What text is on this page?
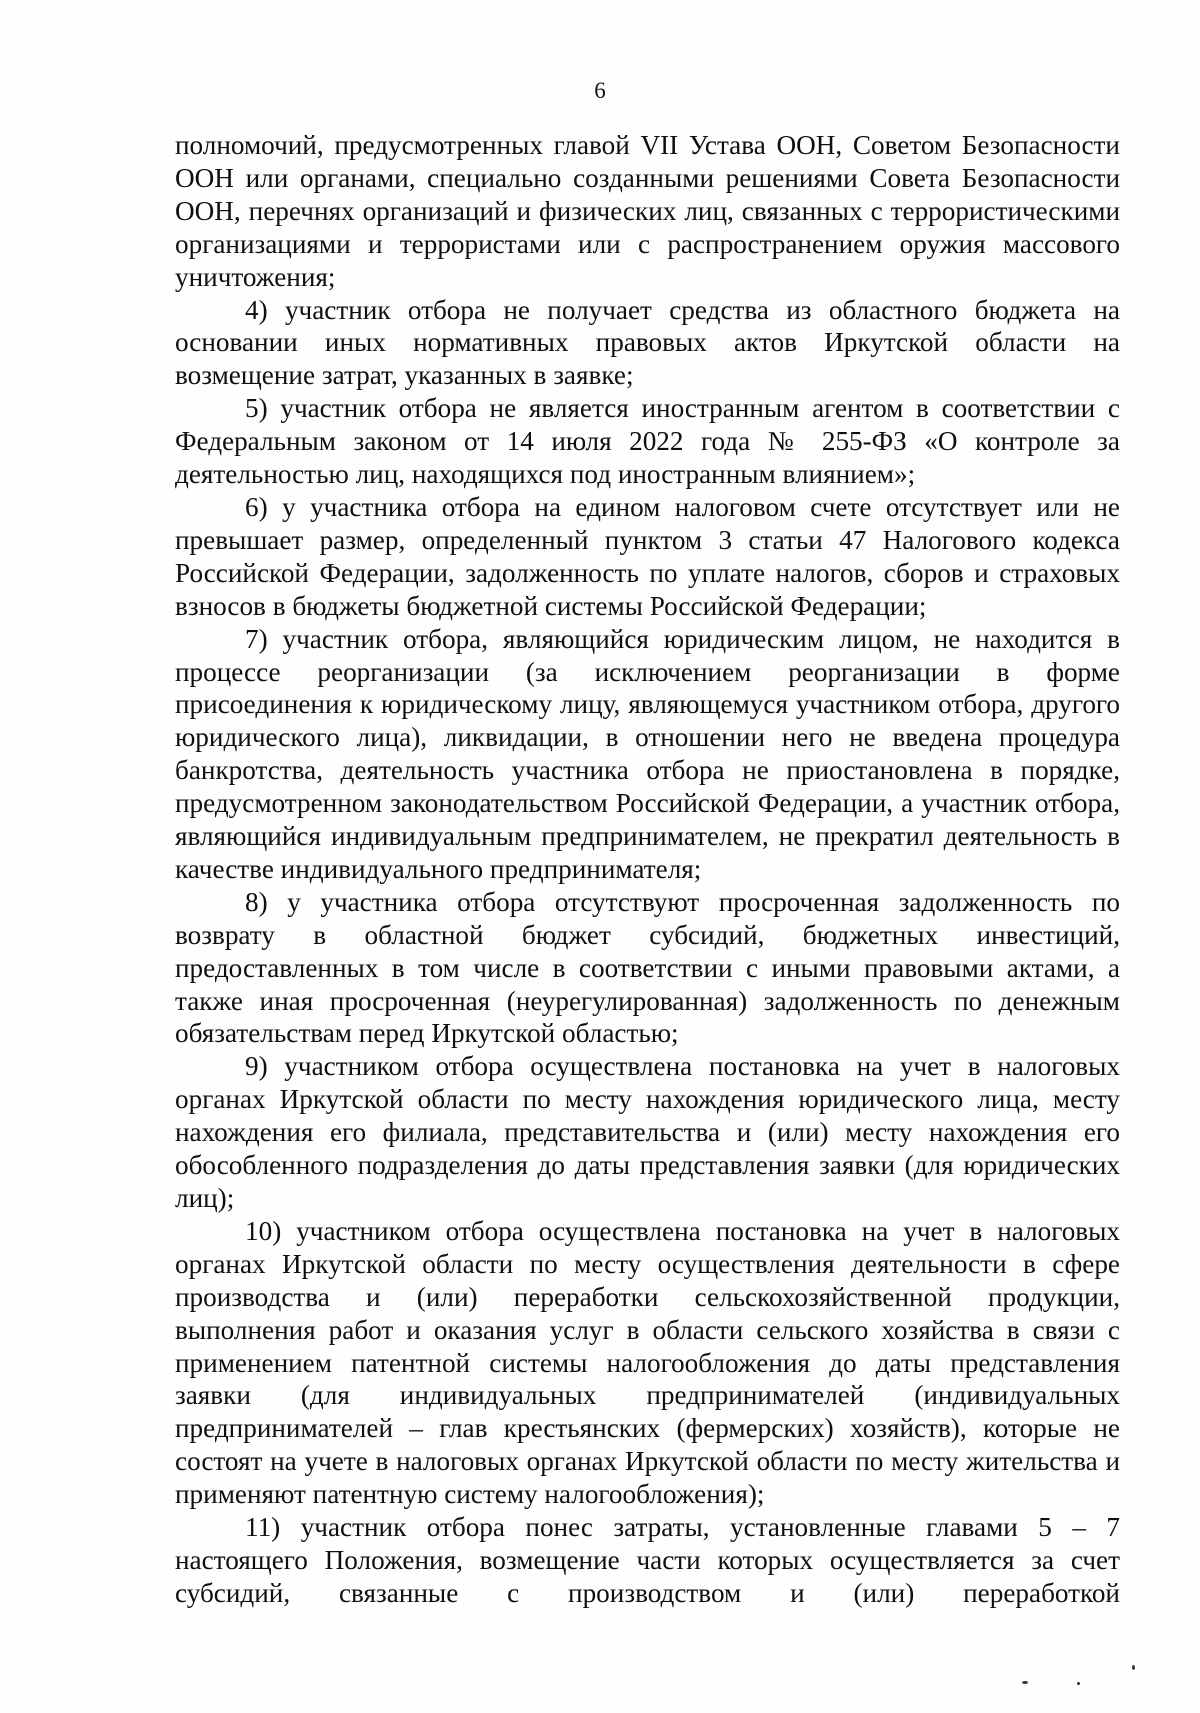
6

полномочий, предусмотренных главой VII Устава ООН, Советом Безопасности ООН или органами, специально созданными решениями Совета Безопасности ООН, перечнях организаций и физических лиц, связанных с террористическими организациями и террористами или с распространением оружия массового уничтожения;

4) участник отбора не получает средства из областного бюджета на основании иных нормативных правовых актов Иркутской области на возмещение затрат, указанных в заявке;

5) участник отбора не является иностранным агентом в соответствии с Федеральным законом от 14 июля 2022 года № 255-ФЗ «О контроле за деятельностью лиц, находящихся под иностранным влиянием»;

6) у участника отбора на едином налоговом счете отсутствует или не превышает размер, определенный пунктом 3 статьи 47 Налогового кодекса Российской Федерации, задолженность по уплате налогов, сборов и страховых взносов в бюджеты бюджетной системы Российской Федерации;

7) участник отбора, являющийся юридическим лицом, не находится в процессе реорганизации (за исключением реорганизации в форме присоединения к юридическому лицу, являющемуся участником отбора, другого юридического лица), ликвидации, в отношении него не введена процедура банкротства, деятельность участника отбора не приостановлена в порядке, предусмотренном законодательством Российской Федерации, а участник отбора, являющийся индивидуальным предпринимателем, не прекратил деятельность в качестве индивидуального предпринимателя;

8) у участника отбора отсутствуют просроченная задолженность по возврату в областной бюджет субсидий, бюджетных инвестиций, предоставленных в том числе в соответствии с иными правовыми актами, а также иная просроченная (неурегулированная) задолженность по денежным обязательствам перед Иркутской областью;

9) участником отбора осуществлена постановка на учет в налоговых органах Иркутской области по месту нахождения юридического лица, месту нахождения его филиала, представительства и (или) месту нахождения его обособленного подразделения до даты представления заявки (для юридических лиц);

10) участником отбора осуществлена постановка на учет в налоговых органах Иркутской области по месту осуществления деятельности в сфере производства и (или) переработки сельскохозяйственной продукции, выполнения работ и оказания услуг в области сельского хозяйства в связи с применением патентной системы налогообложения до даты представления заявки (для индивидуальных предпринимателей (индивидуальных предпринимателей – глав крестьянских (фермерских) хозяйств), которые не состоят на учете в налоговых органах Иркутской области по месту жительства и применяют патентную систему налогообложения);

11) участник отбора понес затраты, установленные главами 5 – 7 настоящего Положения, возмещение части которых осуществляется за счет субсидий, связанные с производством и (или) переработкой
